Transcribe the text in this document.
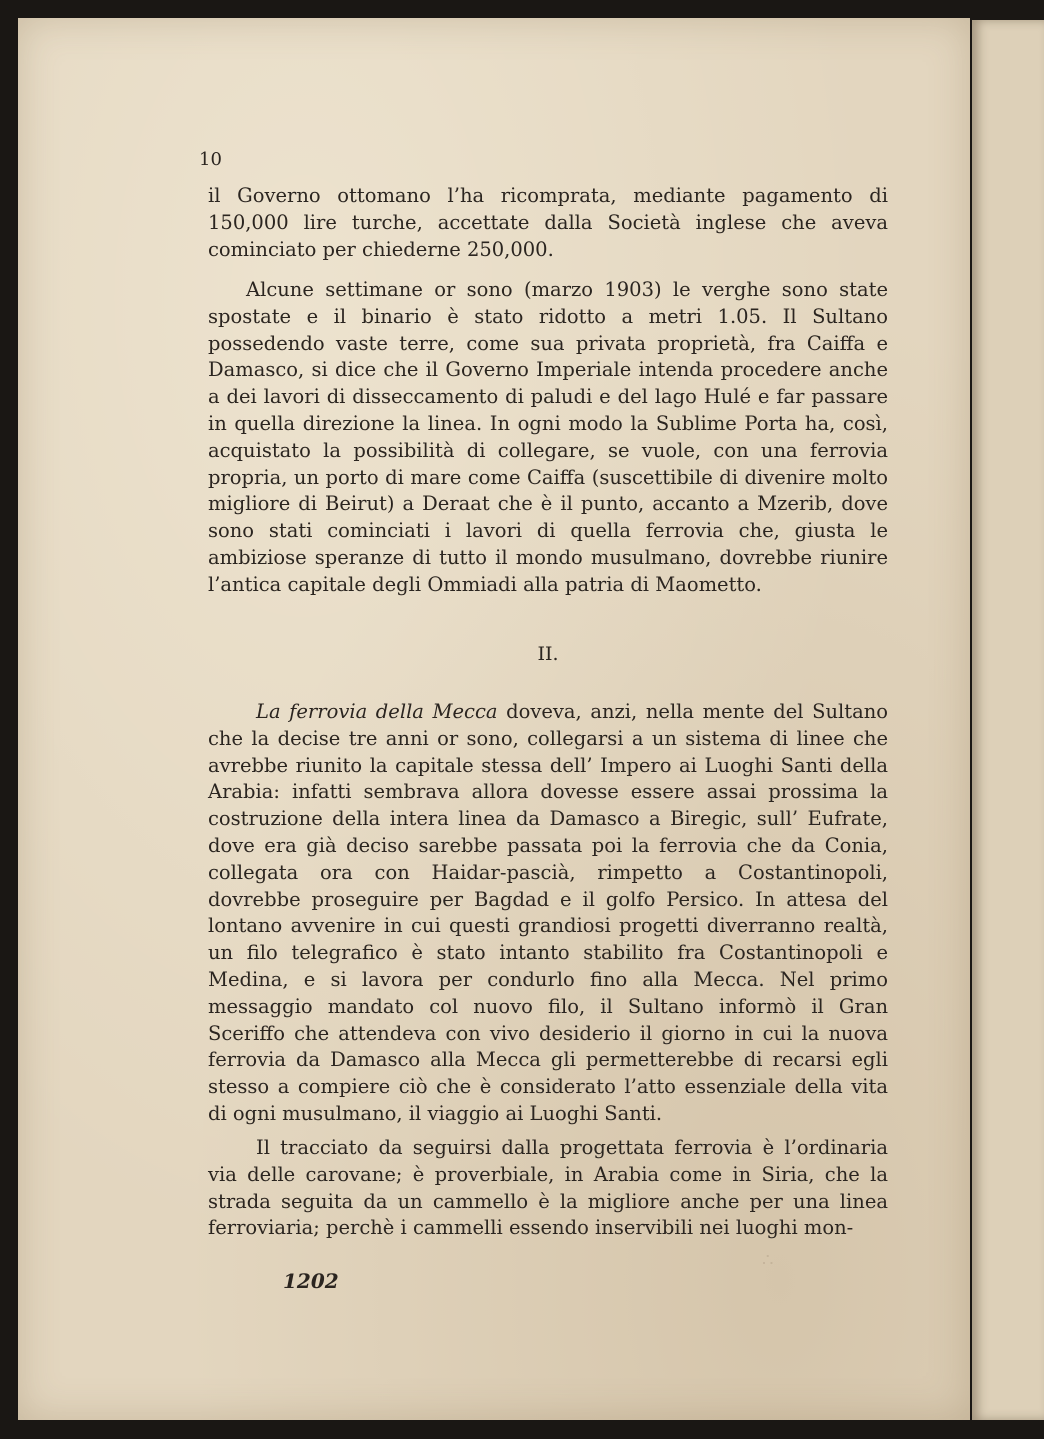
10

il Governo ottomano l’ha ricomprata, mediante pagamento di 150,000 lire turche, accettate dalla Società inglese che aveva cominciato per chiederne 250,000.

Alcune settimane or sono (marzo 1903) le verghe sono state spostate e il binario è stato ridotto a metri 1.05. Il Sultano possedendo vaste terre, come sua privata proprietà, fra Caiffa e Damasco, si dice che il Governo Imperiale intenda procedere anche a dei lavori di disseccamento di paludi e del lago Hulé e far passare in quella direzione la linea. In ogni modo la Sublime Porta ha, così, acquistato la possibilità di collegare, se vuole, con una ferrovia propria, un porto di mare come Caiffa (suscettibile di divenire molto migliore di Beirut) a Deraat che è il punto, accanto a Mzerib, dove sono stati cominciati i lavori di quella ferrovia che, giusta le ambiziose speranze di tutto il mondo musulmano, dovrebbe riunire l’antica capitale degli Ommiadi alla patria di Maometto.

II.

La ferrovia della Mecca doveva, anzi, nella mente del Sultano che la decise tre anni or sono, collegarsi a un sistema di linee che avrebbe riunito la capitale stessa dell’ Impero ai Luoghi Santi della Arabia: infatti sembrava allora dovesse essere assai prossima la costruzione della intera linea da Damasco a Biregic, sull’ Eufrate, dove era già deciso sarebbe passata poi la ferrovia che da Conia, collegata ora con Haidar-pascià, rimpetto a Costantinopoli, dovrebbe proseguire per Bagdad e il golfo Persico. In attesa del lontano avvenire in cui questi grandiosi progetti diverranno realtà, un filo telegrafico è stato intanto stabilito fra Costantinopoli e Medina, e si lavora per condurlo fino alla Mecca. Nel primo messaggio mandato col nuovo filo, il Sultano informò il Gran Sceriffo che attendeva con vivo desiderio il giorno in cui la nuova ferrovia da Damasco alla Mecca gli permetterebbe di recarsi egli stesso a compiere ciò che è considerato l’atto essenziale della vita di ogni musulmano, il viaggio ai Luoghi Santi.

Il tracciato da seguirsi dalla progettata ferrovia è l’ordinaria via delle carovane; è proverbiale, in Arabia come in Siria, che la strada seguita da un cammello è la migliore anche per una linea ferroviaria; perchè i cammelli essendo inservibili nei luoghi mon-

1202
∴
